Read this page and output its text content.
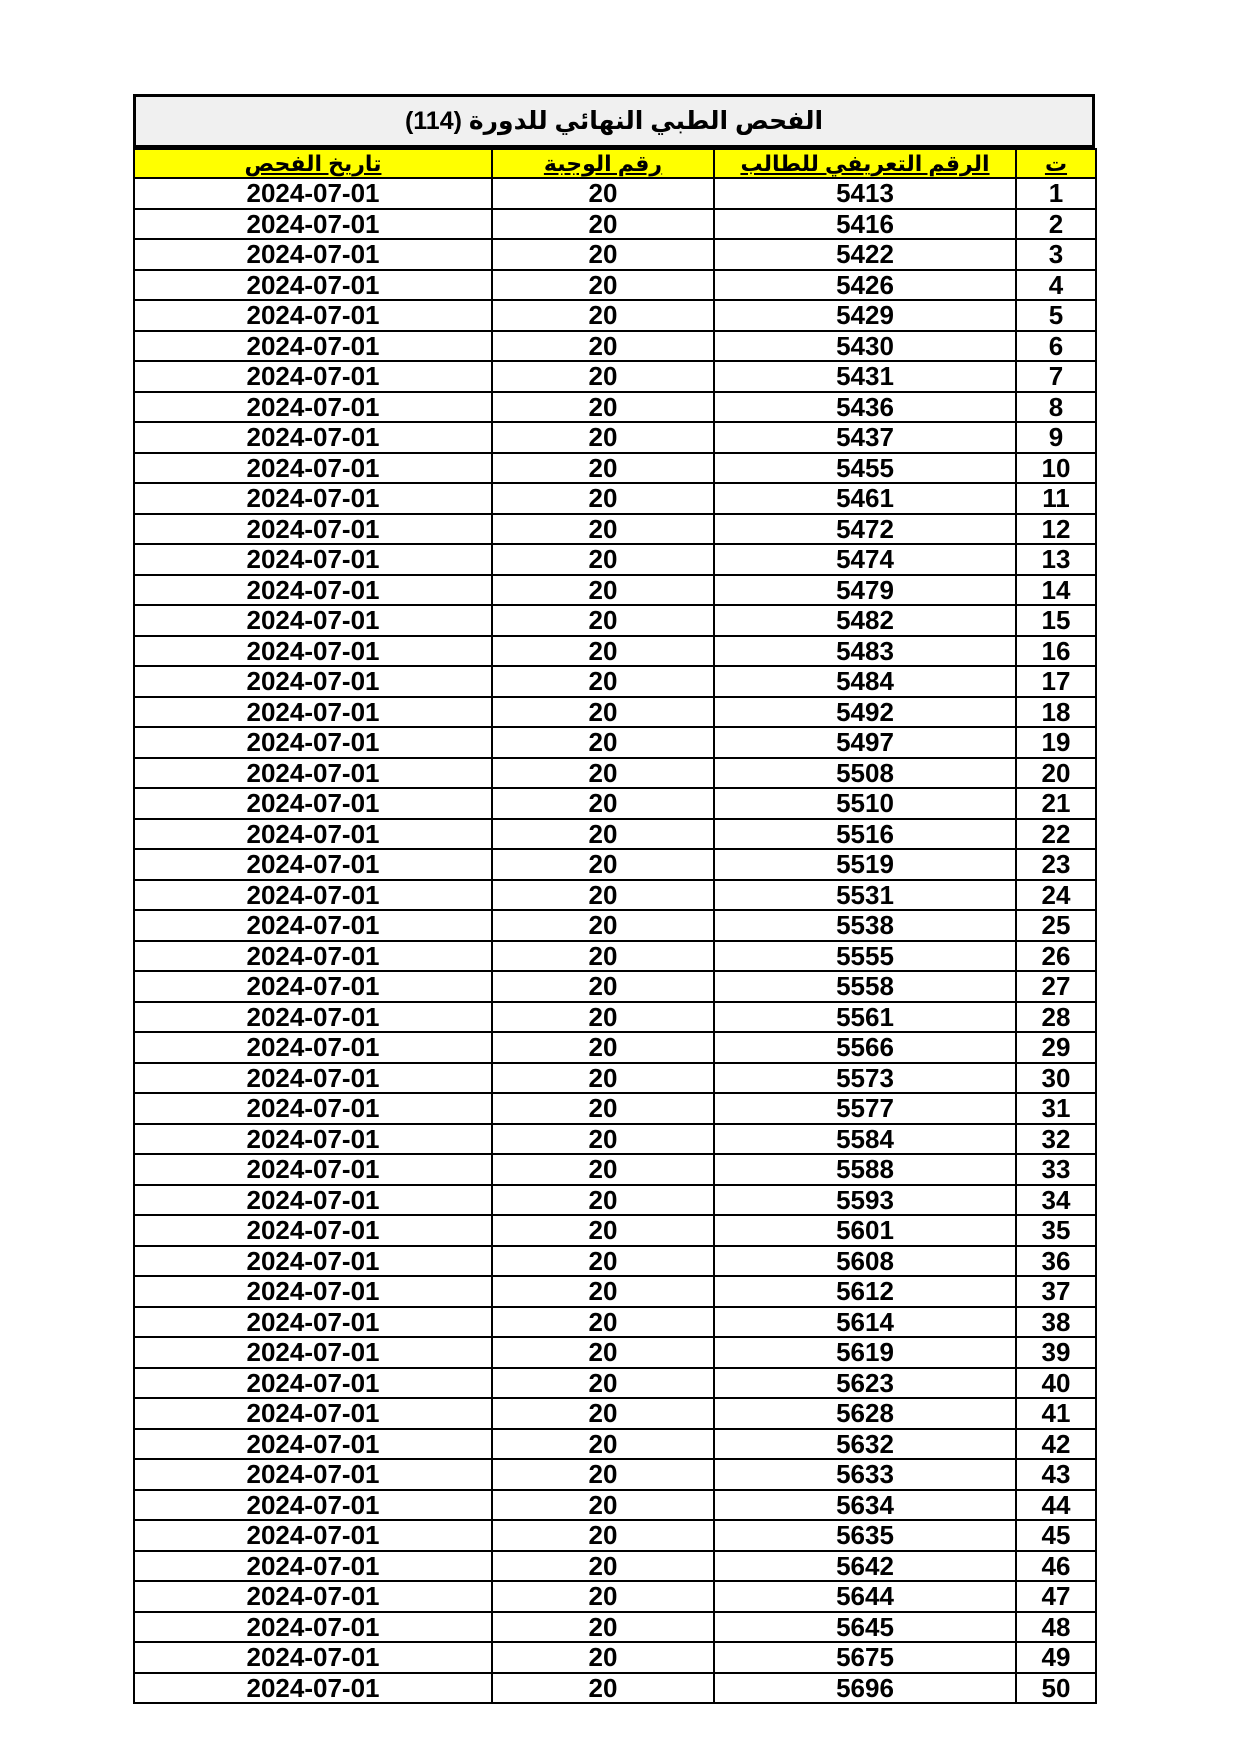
الفحص الطبي النهائي للدورة (114)
ت	الرقم التعريفي للطالب	رقم الوجبة	تاريخ الفحص
1	5413	20	2024-07-01
2	5416	20	2024-07-01
3	5422	20	2024-07-01
4	5426	20	2024-07-01
5	5429	20	2024-07-01
6	5430	20	2024-07-01
7	5431	20	2024-07-01
8	5436	20	2024-07-01
9	5437	20	2024-07-01
10	5455	20	2024-07-01
11	5461	20	2024-07-01
12	5472	20	2024-07-01
13	5474	20	2024-07-01
14	5479	20	2024-07-01
15	5482	20	2024-07-01
16	5483	20	2024-07-01
17	5484	20	2024-07-01
18	5492	20	2024-07-01
19	5497	20	2024-07-01
20	5508	20	2024-07-01
21	5510	20	2024-07-01
22	5516	20	2024-07-01
23	5519	20	2024-07-01
24	5531	20	2024-07-01
25	5538	20	2024-07-01
26	5555	20	2024-07-01
27	5558	20	2024-07-01
28	5561	20	2024-07-01
29	5566	20	2024-07-01
30	5573	20	2024-07-01
31	5577	20	2024-07-01
32	5584	20	2024-07-01
33	5588	20	2024-07-01
34	5593	20	2024-07-01
35	5601	20	2024-07-01
36	5608	20	2024-07-01
37	5612	20	2024-07-01
38	5614	20	2024-07-01
39	5619	20	2024-07-01
40	5623	20	2024-07-01
41	5628	20	2024-07-01
42	5632	20	2024-07-01
43	5633	20	2024-07-01
44	5634	20	2024-07-01
45	5635	20	2024-07-01
46	5642	20	2024-07-01
47	5644	20	2024-07-01
48	5645	20	2024-07-01
49	5675	20	2024-07-01
50	5696	20	2024-07-01
